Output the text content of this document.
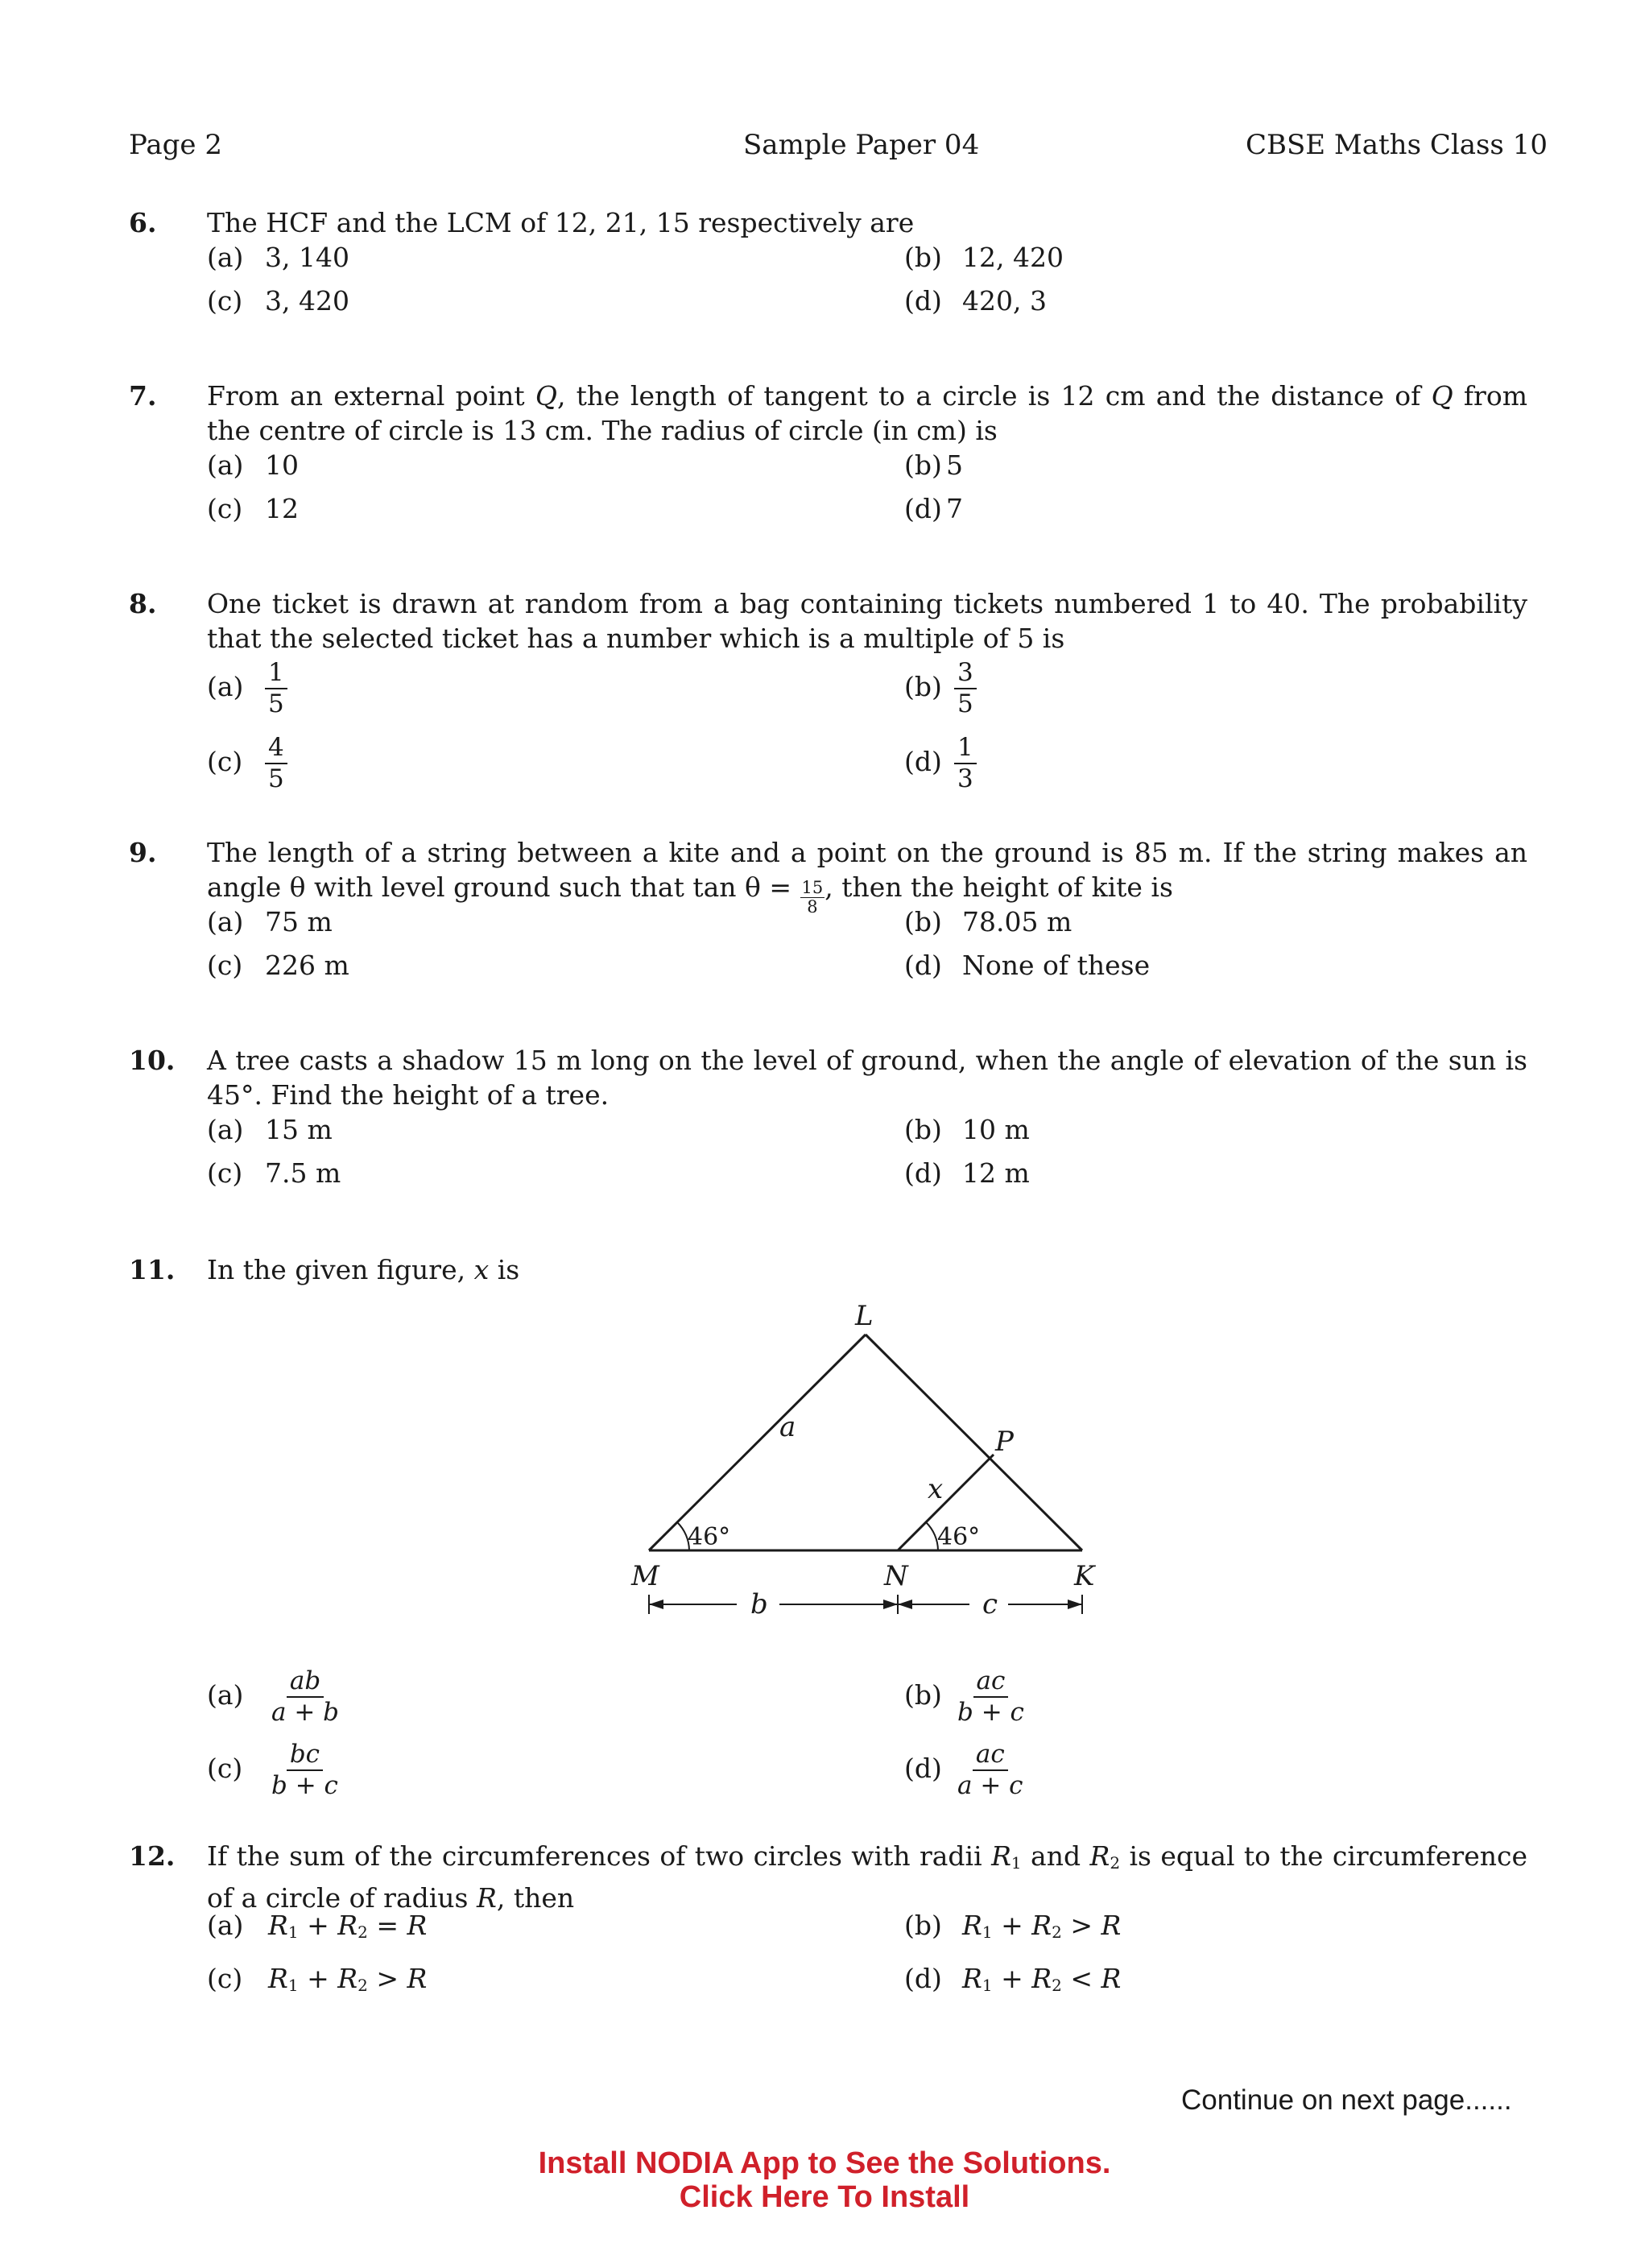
Page 2	Sample Paper 04	CBSE Maths Class 10
6. The HCF and the LCM of 12, 21, 15 respectively are
(a) 3, 140	(b) 12, 420
(c) 3, 420	(d) 420, 3
7. From an external point Q, the length of tangent to a circle is 12 cm and the distance of Q from the centre of circle is 13 cm. The radius of circle (in cm) is
(a) 10	(b) 5
(c) 12	(d) 7
8. One ticket is drawn at random from a bag containing tickets numbered 1 to 40. The probability that the selected ticket has a number which is a multiple of 5 is
$(a) \frac{1}{5}$	$(b) \frac{3}{5}$
$(c) \frac{4}{5}$	$(d) \frac{1}{3}$
9. The length of a string between a kite and a point on the ground is 85 m. If the string makes an angle θ with level ground such that $\tan \theta = \frac{15}{8}$ , then the height of kite is
(a) 75 m	(b) 78.05 m
(c) 226 m	(d) None of these
10. A tree casts a shadow 15 m long on the level of ground, when the angle of elevation of the sun is 45°. Find the height of a tree.
(a) 15 m	(b) 10 m
(c) 7.5 m	(d) 12 m
11. In the given figure, x is
L
M	N	K
P
a
x
b	c
46°	46°
$(a) \frac{ab}{a + b}$	$(b) \frac{ac}{b + c}$
$(c) \frac{bc}{b + c}$	$(d) \frac{ac}{a + c}$
12. If the sum of the circumferences of two circles with radii $R_1$ and $R_2$ is equal to the circumference of a circle of radius R, then
(a) $R_1 + R_2 = R$	(b) $R_1 + R_2 > R$
(c) $R_1 + R_2 > R$	(d) $R_1 + R_2 < R$
Continue on next page......
Install NODIA App to See the Solutions.
Click Here To Install
